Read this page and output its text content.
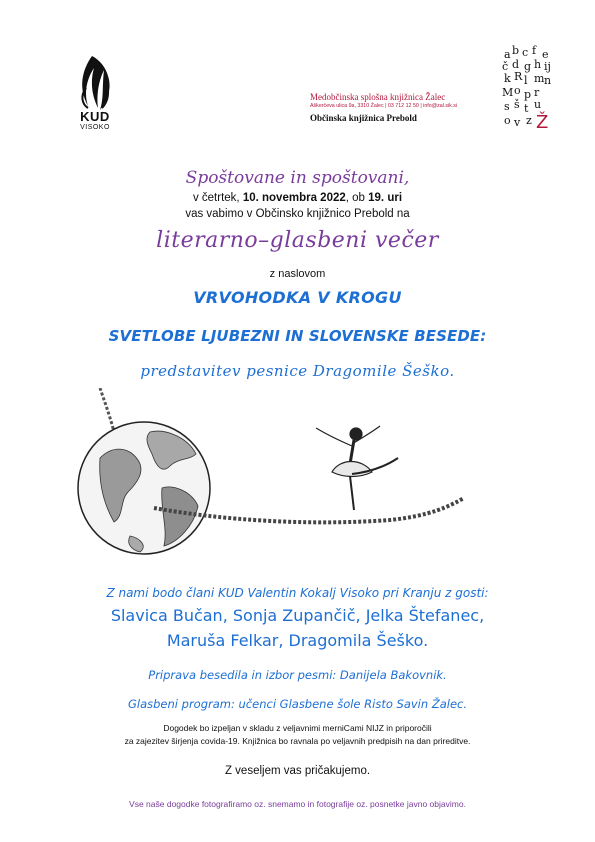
KUD
VISOKO
Medobčinska splošna knjižnica Žalec
Aškerčeva ulica 9a, 3310 Žalec | 03 712 12 50 | info@zal.sik.si
Občinska knjižnica Prebold
a b c f e
č d g h ij
k R l m n
M o p r
s š t u
o v z Ž
Spoštovane in spoštovani,
v četrtek, 10. novembra 2022, ob 19. uri
vas vabimo v Občinsko knjižnico Prebold na
literarno–glasbeni večer
z naslovom
VRVOHODKA V KROGU
SVETLOBE LJUBEZNI IN SLOVENSKE BESEDE:
predstavitev pesnice Dragomile Šeško.
Z nami bodo člani KUD Valentin Kokalj Visoko pri Kranju z gosti:
Slavica Bučan, Sonja Zupančič, Jelka Štefanec,
Maruša Felkar, Dragomila Šeško.
Priprava besedila in izbor pesmi: Danijela Bakovnik.
Glasbeni program: učenci Glasbene šole Risto Savin Žalec.
Dogodek bo izpeljan v skladu z veljavnimi merniCami NIJZ in priporočili
za zajezitev širjenja covida-19. Knjižnica bo ravnala po veljavnih predpisih na dan prireditve.
Z veseljem vas pričakujemo.
Vse naše dogodke fotografiramo oz. snemamo in fotografije oz. posnetke javno objavimo.
